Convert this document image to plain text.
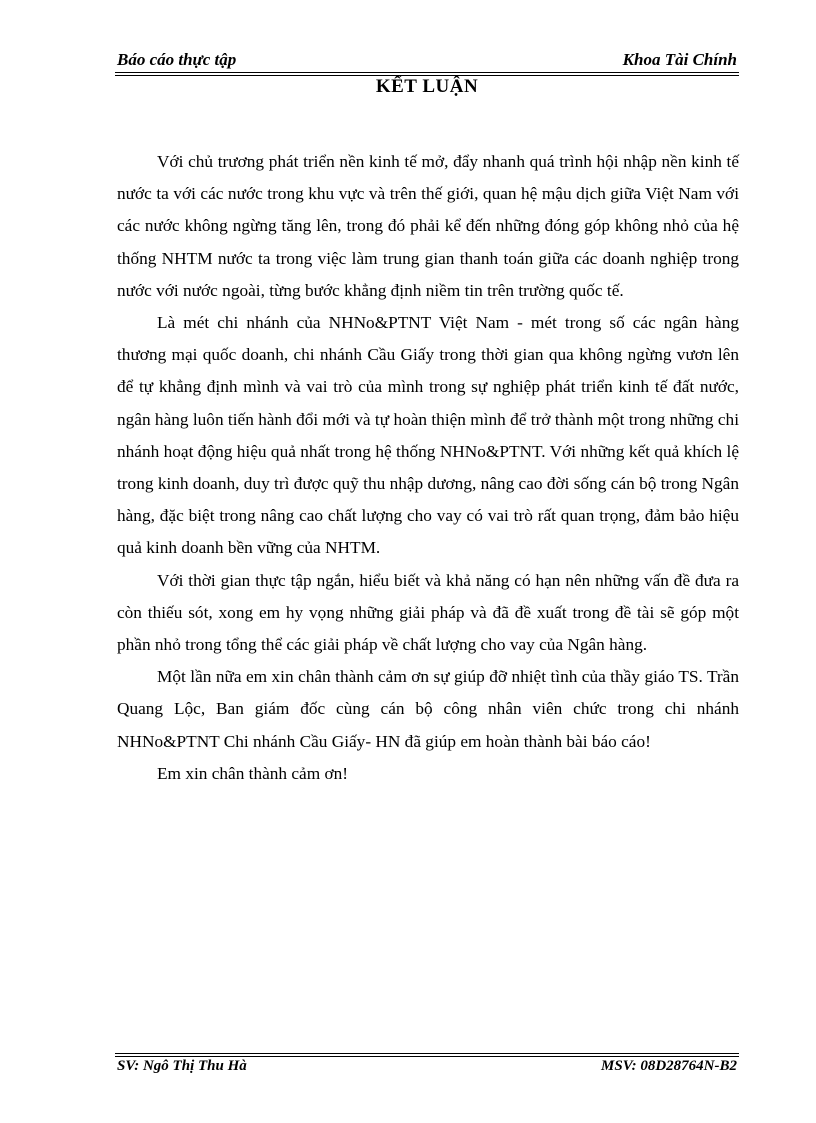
Báo cáo thực tập	Khoa Tài Chính
KẾT LUẬN

Với chủ trương phát triển nền kinh tế mở, đẩy nhanh quá trình hội nhập nền kinh tế nước ta với các nước trong khu vực và trên thế giới, quan hệ mậu dịch giữa Việt Nam với các nước không ngừng tăng lên, trong đó phải kể đến những đóng góp không nhỏ của hệ thống NHTM nước ta trong việc làm trung gian thanh toán giữa các doanh nghiệp trong nước với nước ngoài, từng bước khẳng định niềm tin trên trường quốc tế.

Là mét chi nhánh của NHNo&PTNT Việt Nam - mét trong số các ngân hàng thương mại quốc doanh, chi nhánh Cầu Giấy trong thời gian qua không ngừng vươn lên để tự khẳng định mình và vai trò của mình trong sự nghiệp phát triển kinh tế đất nước, ngân hàng luôn tiến hành đổi mới và tự hoàn thiện mình để trở thành một trong những chi nhánh hoạt động hiệu quả nhất trong hệ thống NHNo&PTNT. Với những kết quả khích lệ trong kinh doanh, duy trì được quỹ thu nhập dương, nâng cao đời sống cán bộ trong Ngân hàng, đặc biệt trong nâng cao chất lượng cho vay có vai trò rất quan trọng, đảm bảo hiệu quả kinh doanh bền vững của NHTM.

Với thời gian thực tập ngắn, hiểu biết và khả năng có hạn nên những vấn đề đưa ra còn thiếu sót, xong em hy vọng những giải pháp và đã đề xuất trong đề tài sẽ góp một phần nhỏ trong tổng thể các giải pháp về chất lượng cho vay của Ngân hàng.

Một lần nữa em xin chân thành cảm ơn sự giúp đỡ nhiệt tình của thầy giáo TS. Trần Quang Lộc, Ban giám đốc cùng cán bộ công nhân viên chức trong chi nhánh NHNo&PTNT Chi nhánh Cầu Giấy- HN đã giúp em hoàn thành bài báo cáo!

Em xin chân thành cảm ơn!

SV: Ngô Thị Thu Hà	MSV: 08D28764N-B2
